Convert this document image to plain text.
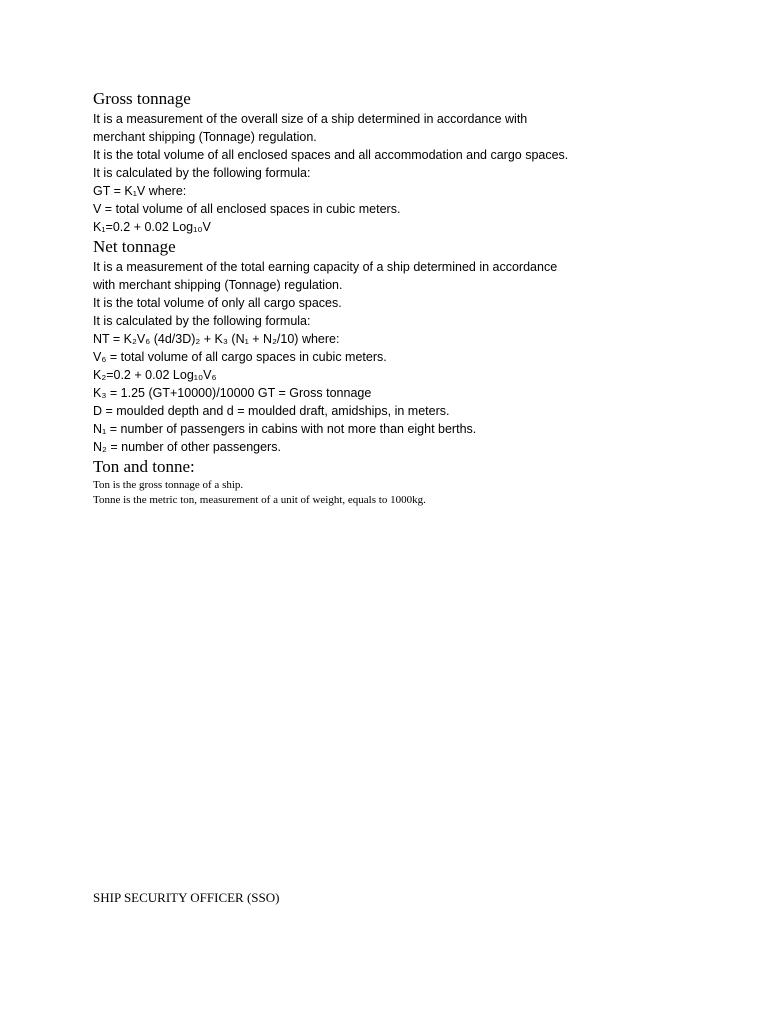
Gross tonnage

It is a measurement of the overall size of a ship determined in accordance with

merchant shipping (Tonnage) regulation.

It is the total volume of all enclosed spaces and all accommodation and cargo spaces.

It is calculated by the following formula:

GT = K₁V where:

V = total volume of all enclosed spaces in cubic meters.

K₁=0.2 + 0.02 Log₁₀V

Net tonnage

It is a measurement of the total earning capacity of a ship determined in accordance

with merchant shipping (Tonnage) regulation.

It is the total volume of only all cargo spaces.

It is calculated by the following formula:

NT = K₂V₆ (4d/3D)₂ + K₃ (N₁ + N₂/10) where:

V₆ = total volume of all cargo spaces in cubic meters.

K₂=0.2 + 0.02 Log₁₀V₆

K₃ = 1.25 (GT+10000)/10000 GT = Gross tonnage

D = moulded depth and d = moulded draft, amidships, in meters.

N₁ = number of passengers in cabins with not more than eight berths.

N₂ = number of other passengers.

Ton and tonne:

Ton is the gross tonnage of a ship.

Tonne is the metric ton, measurement of a unit of weight, equals to 1000kg.

SHIP SECURITY OFFICER (SSO)
